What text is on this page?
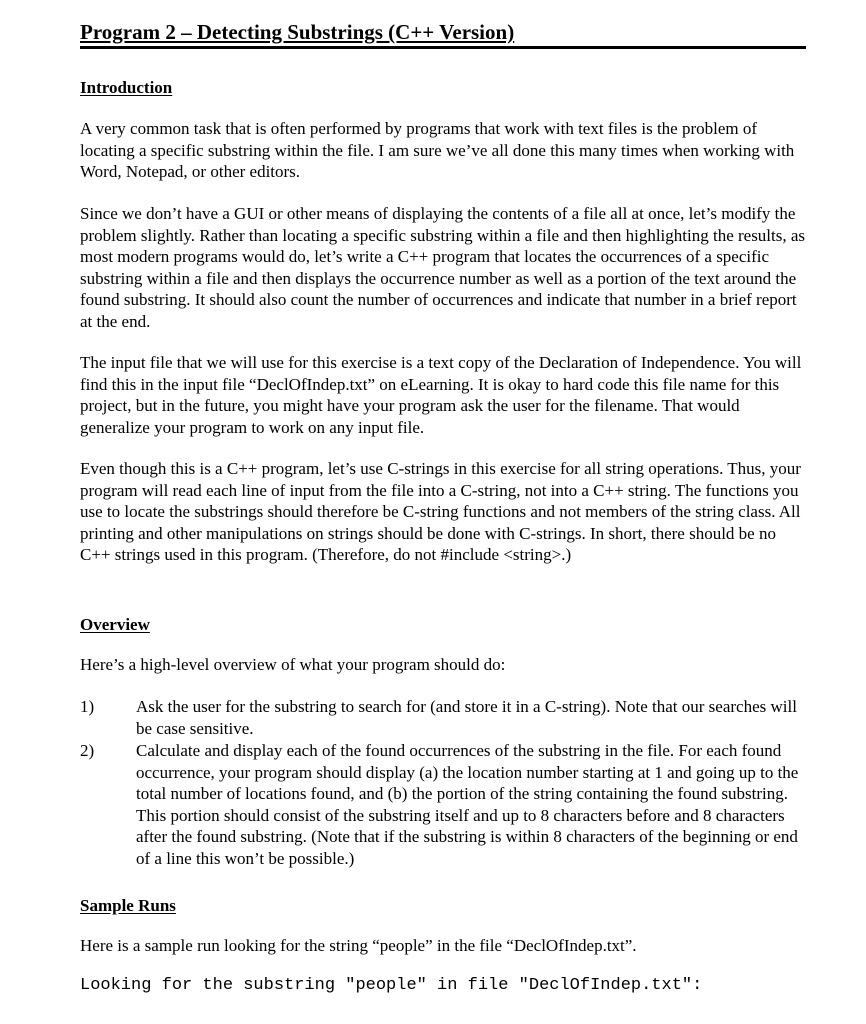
Program 2 – Detecting Substrings (C++ Version)
Introduction
A very common task that is often performed by programs that work with text files is the problem of locating a specific substring within the file. I am sure we’ve all done this many times when working with Word, Notepad, or other editors.
Since we don’t have a GUI or other means of displaying the contents of a file all at once, let’s modify the problem slightly. Rather than locating a specific substring within a file and then highlighting the results, as most modern programs would do, let’s write a C++ program that locates the occurrences of a specific substring within a file and then displays the occurrence number as well as a portion of the text around the found substring. It should also count the number of occurrences and indicate that number in a brief report at the end.
The input file that we will use for this exercise is a text copy of the Declaration of Independence. You will find this in the input file “DeclOfIndep.txt” on eLearning. It is okay to hard code this file name for this project, but in the future, you might have your program ask the user for the filename. That would generalize your program to work on any input file.
Even though this is a C++ program, let’s use C-strings in this exercise for all string operations. Thus, your program will read each line of input from the file into a C-string, not into a C++ string. The functions you use to locate the substrings should therefore be C-string functions and not members of the string class. All printing and other manipulations on strings should be done with C-strings. In short, there should be no C++ strings used in this program. (Therefore, do not #include <string>.)
Overview
Here’s a high-level overview of what your program should do:
1)	Ask the user for the substring to search for (and store it in a C-string). Note that our searches will be case sensitive.
2)	Calculate and display each of the found occurrences of the substring in the file. For each found occurrence, your program should display (a) the location number starting at 1 and going up to the total number of locations found, and (b) the portion of the string containing the found substring. This portion should consist of the substring itself and up to 8 characters before and 8 characters after the found substring. (Note that if the substring is within 8 characters of the beginning or end of a line this won’t be possible.)
Sample Runs
Here is a sample run looking for the string “people” in the file “DeclOfIndep.txt”.
Looking for the substring "people" in file "DeclOfIndep.txt":
